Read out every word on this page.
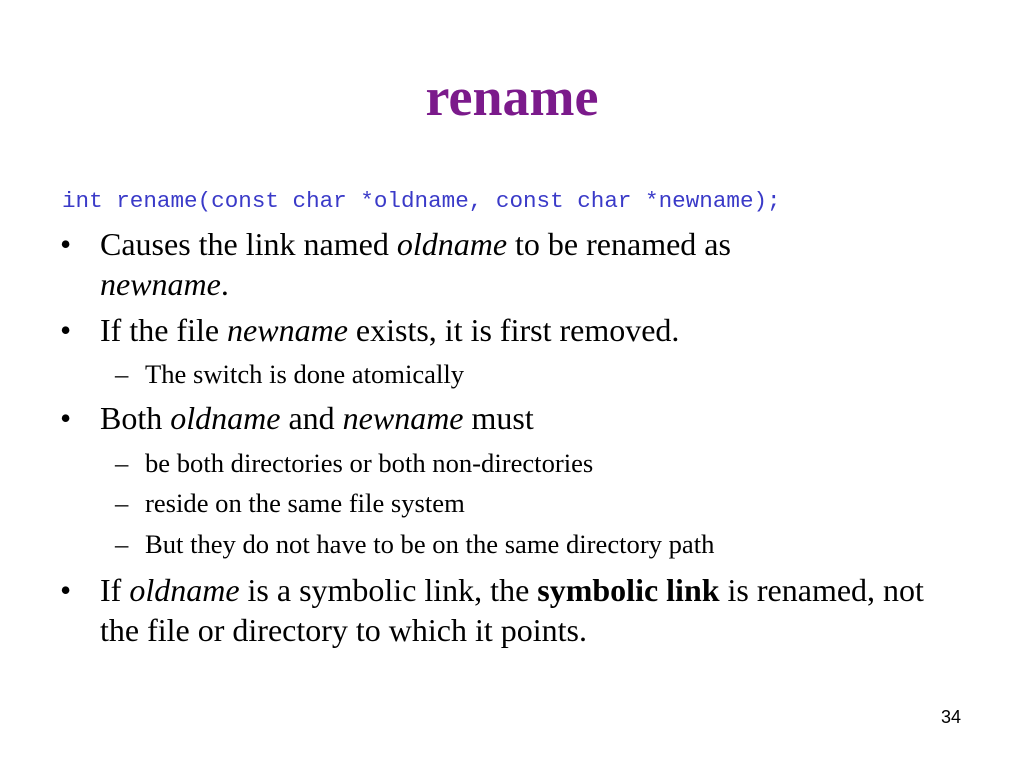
rename
int rename(const char *oldname, const char *newname);
• Causes the link named oldname to be renamed as
newname.
• If the file newname exists, it is first removed.
– The switch is done atomically
• Both oldname and newname must
– be both directories or both non-directories
– reside on the same file system
– But they do not have to be on the same directory path
• If oldname is a symbolic link, the symbolic link is renamed, not the file or directory to which it points.
34
